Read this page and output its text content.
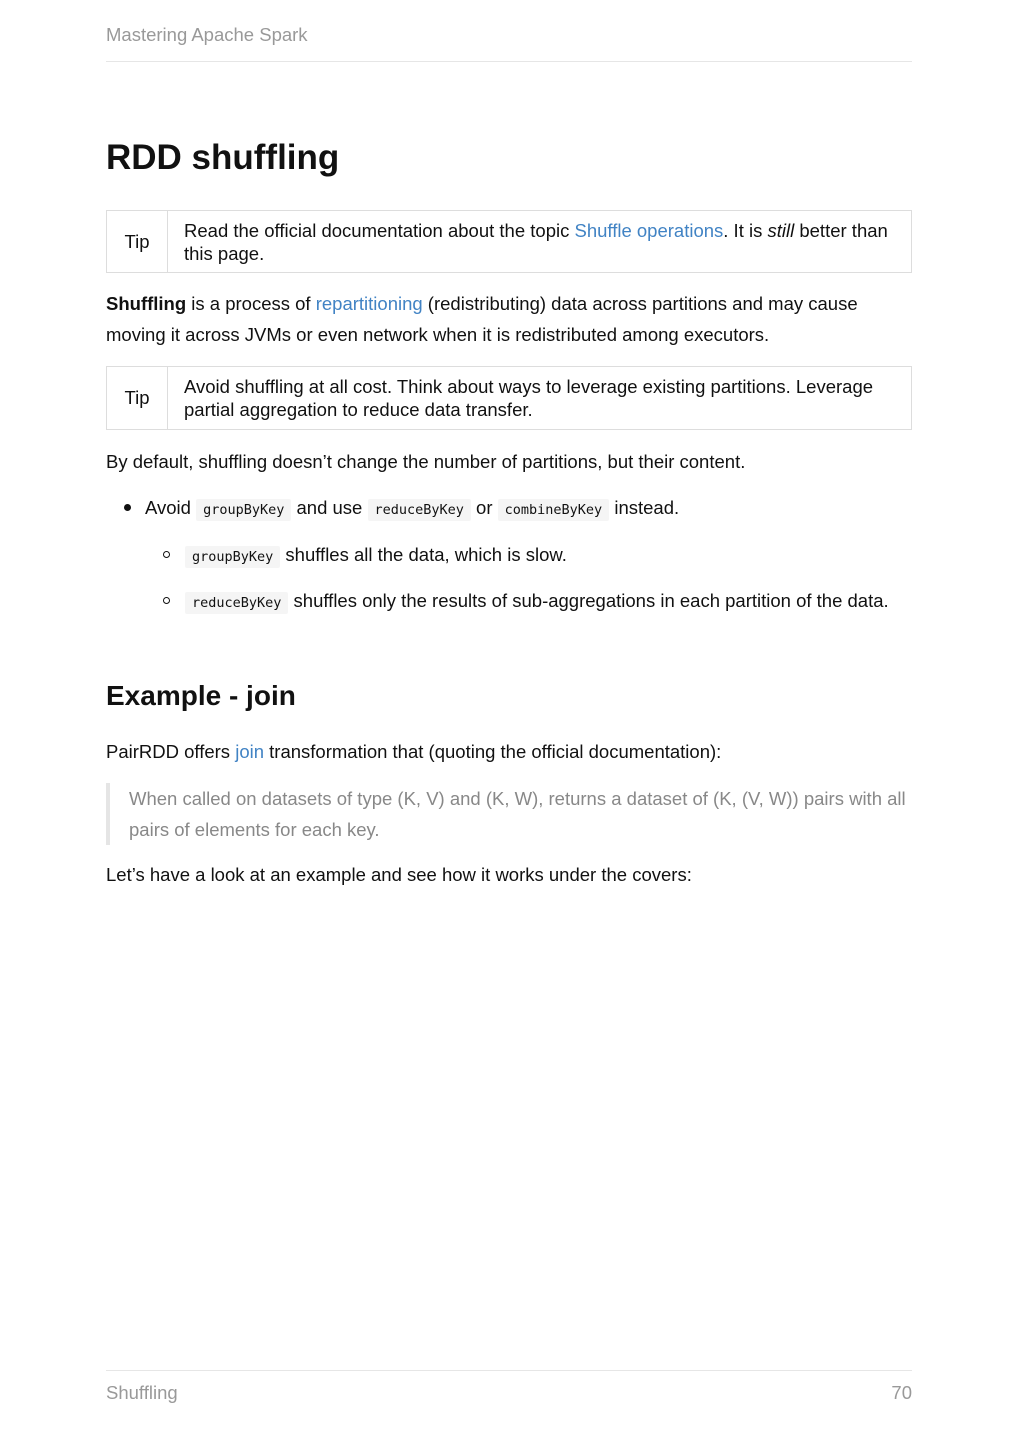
Mastering Apache Spark
RDD shuffling
Tip
Read the official documentation about the topic Shuffle operations. It is still better than this page.

Shuffling is a process of repartitioning (redistributing) data across partitions and may cause moving it across JVMs or even network when it is redistributed among executors.

Tip
Avoid shuffling at all cost. Think about ways to leverage existing partitions. Leverage partial aggregation to reduce data transfer.

By default, shuffling doesn’t change the number of partitions, but their content.

Avoid groupByKey and use reduceByKey or combineByKey instead.
groupByKey shuffles all the data, which is slow.
reduceByKey shuffles only the results of sub-aggregations in each partition of the data.
Example - join

PairRDD offers join transformation that (quoting the official documentation):

When called on datasets of type (K, V) and (K, W), returns a dataset of (K, (V, W)) pairs with all pairs of elements for each key.

Let’s have a look at an example and see how it works under the covers:

Shuffling	70
